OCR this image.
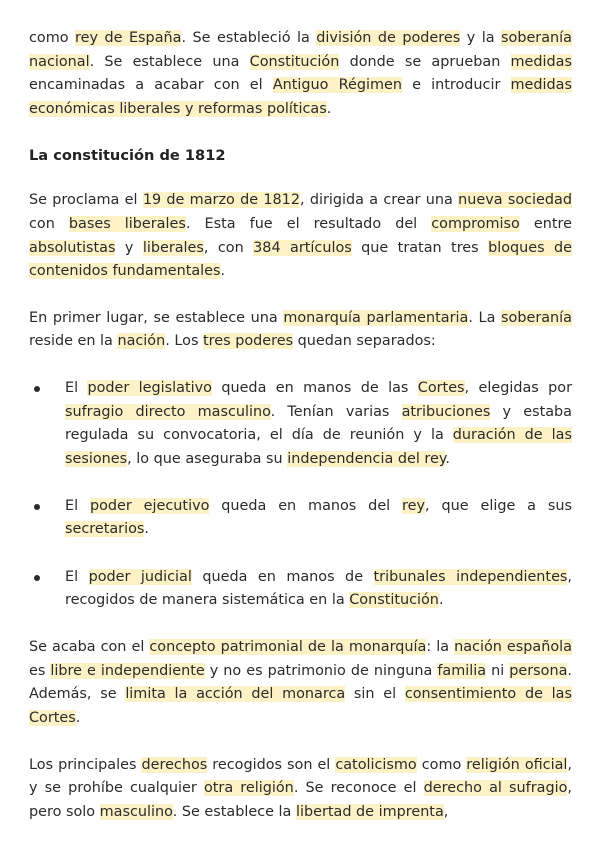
como rey de España. Se estableció la división de poderes y la soberanía nacional. Se establece una Constitución donde se aprueban medidas encaminadas a acabar con el Antiguo Régimen e introducir medidas económicas liberales y reformas políticas.

La constitución de 1812

Se proclama el 19 de marzo de 1812, dirigida a crear una nueva sociedad con bases liberales. Esta fue el resultado del compromiso entre absolutistas y liberales, con 384 artículos que tratan tres bloques de contenidos fundamentales.

En primer lugar, se establece una monarquía parlamentaria. La soberanía reside en la nación. Los tres poderes quedan separados:

El poder legislativo queda en manos de las Cortes, elegidas por sufragio directo masculino. Tenían varias atribuciones y estaba regulada su convocatoria, el día de reunión y la duración de las sesiones, lo que aseguraba su independencia del rey.
El poder ejecutivo queda en manos del rey, que elige a sus secretarios.
El poder judicial queda en manos de tribunales independientes, recogidos de manera sistemática en la Constitución.

Se acaba con el concepto patrimonial de la monarquía: la nación española es libre e independiente y no es patrimonio de ninguna familia ni persona. Además, se limita la acción del monarca sin el consentimiento de las Cortes.

Los principales derechos recogidos son el catolicismo como religión oficial, y se prohíbe cualquier otra religión. Se reconoce el derecho al sufragio, pero solo masculino. Se establece la libertad de imprenta,
